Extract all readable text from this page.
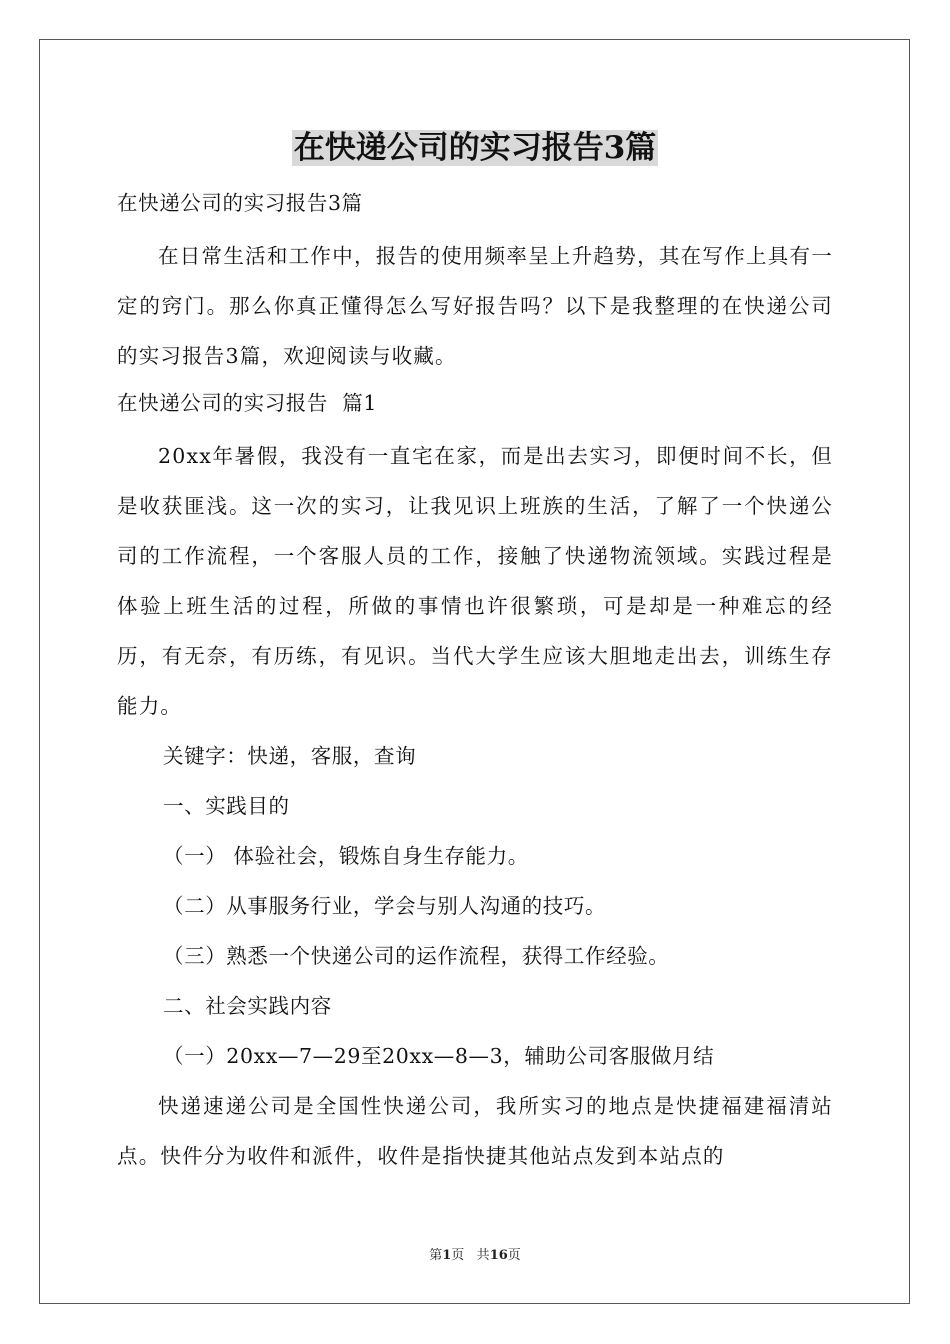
在快递公司的实习报告3篇
在快递公司的实习报告3篇
在日常生活和工作中，报告的使用频率呈上升趋势，其在写作上具有一定的窍门。那么你真正懂得怎么写好报告吗？以下是我整理的在快递公司的实习报告3篇，欢迎阅读与收藏。
在快递公司的实习报告  篇1
20xx年暑假，我没有一直宅在家，而是出去实习，即便时间不长，但是收获匪浅。这一次的实习，让我见识上班族的生活，了解了一个快递公司的工作流程，一个客服人员的工作，接触了快递物流领域。实践过程是体验上班生活的过程，所做的事情也许很繁琐，可是却是一种难忘的经历，有无奈，有历练，有见识。当代大学生应该大胆地走出去，训练生存能力。
关键字：快递，客服，查询
一、实践目的
（一） 体验社会，锻炼自身生存能力。
（二）从事服务行业，学会与别人沟通的技巧。
（三）熟悉一个快递公司的运作流程，获得工作经验。
二、社会实践内容
（一）20xx—7—29至20xx—8—3，辅助公司客服做月结
快递速递公司是全国性快递公司，我所实习的地点是快捷福建福清站点。快件分为收件和派件，收件是指快捷其他站点发到本站点的
第1页 共16页
